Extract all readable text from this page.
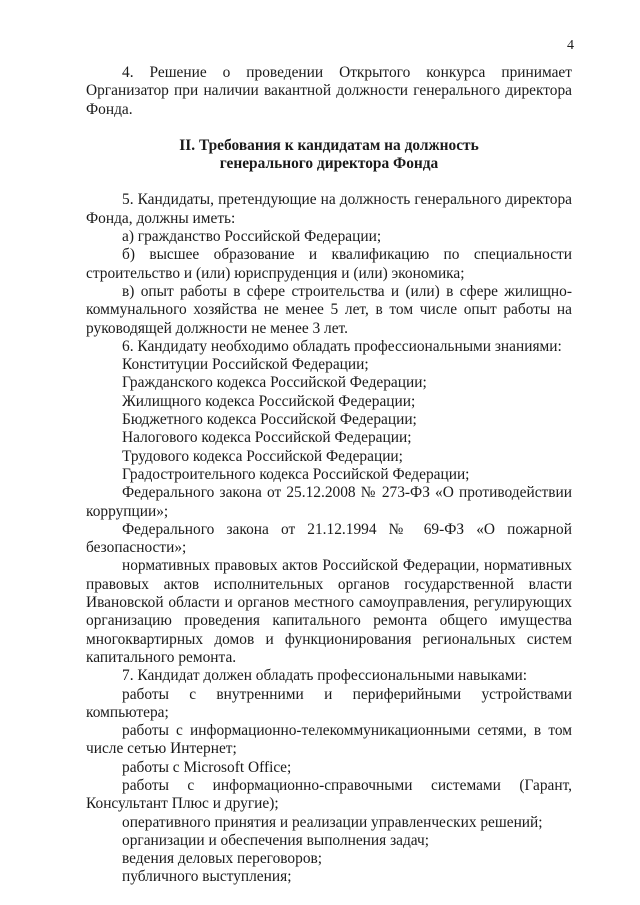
4

4. Решение о проведении Открытого конкурса принимает Организатор при наличии вакантной должности генерального директора Фонда.

II. Требования к кандидатам на должность

генерального директора Фонда

5. Кандидаты, претендующие на должность генерального директора Фонда, должны иметь:

а) гражданство Российской Федерации;

б) высшее образование и квалификацию по специальности строительство и (или) юриспруденция и (или) экономика;

в) опыт работы в сфере строительства и (или) в сфере жилищно-коммунального хозяйства не менее 5 лет, в том числе опыт работы на руководящей должности не менее 3 лет.

6. Кандидату необходимо обладать профессиональными знаниями:

Конституции Российской Федерации;

Гражданского кодекса Российской Федерации;

Жилищного кодекса Российской Федерации;

Бюджетного кодекса Российской Федерации;

Налогового кодекса Российской Федерации;

Трудового кодекса Российской Федерации;

Градостроительного кодекса Российской Федерации;

Федерального закона от 25.12.2008 № 273-ФЗ «О противодействии коррупции»;

Федерального закона от 21.12.1994 № 69-ФЗ «О пожарной безопасности»;

нормативных правовых актов Российской Федерации, нормативных правовых актов исполнительных органов государственной власти Ивановской области и органов местного самоуправления, регулирующих организацию проведения капитального ремонта общего имущества многоквартирных домов и функционирования региональных систем капитального ремонта.

7. Кандидат должен обладать профессиональными навыками:

работы с внутренними и периферийными устройствами компьютера;

работы с информационно-телекоммуникационными сетями, в том числе сетью Интернет;

работы с Microsoft Office;

работы с информационно-справочными системами (Гарант, Консультант Плюс и другие);

оперативного принятия и реализации управленческих решений;

организации и обеспечения выполнения задач;

ведения деловых переговоров;

публичного выступления;
